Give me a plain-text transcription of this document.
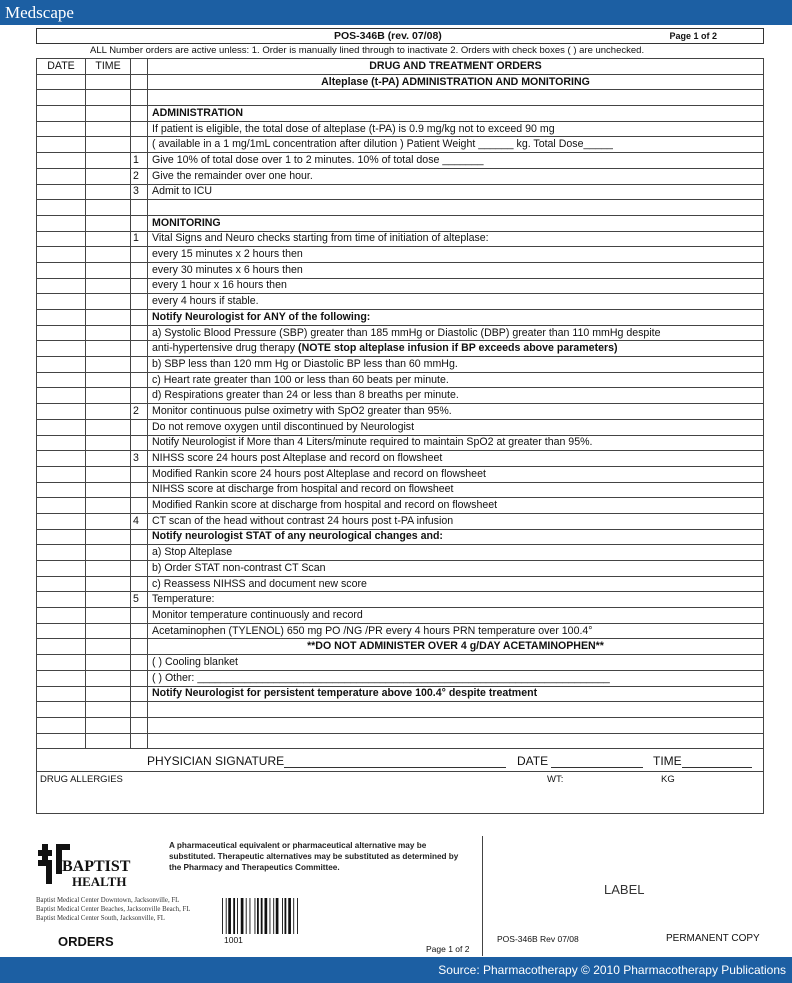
Medscape
POS-346B (rev. 07/08)	Page 1 of 2
ALL Number orders are active unless: 1. Order is manually lined through to inactivate 2. Orders with check boxes ( ) are unchecked.
DATE	TIME		DRUG AND TREATMENT ORDERS
			Alteplase (t-PA) ADMINISTRATION AND MONITORING

			ADMINISTRATION
			If patient is eligible, the total dose of alteplase (t-PA) is 0.9 mg/kg not to exceed 90 mg
			( available in a 1 mg/1mL concentration after dilution ) Patient Weight ______ kg. Total Dose_____
		1	Give 10% of total dose over 1 to 2 minutes. 10% of total dose _______
		2	Give the remainder over one hour.
		3	Admit to ICU

			MONITORING
		1	Vital Signs and Neuro checks starting from time of initiation of alteplase:
			every 15 minutes x 2 hours then
			every 30 minutes x 6 hours then
			every 1 hour x 16 hours then
			every 4 hours if stable.
			Notify Neurologist for ANY of the following:
			a) Systolic Blood Pressure (SBP) greater than 185 mmHg or Diastolic (DBP) greater than 110 mmHg despite
			anti-hypertensive drug therapy (NOTE stop alteplase infusion if BP exceeds above parameters)
			b) SBP less than 120 mm Hg or Diastolic BP less than 60 mmHg.
			c) Heart rate greater than 100 or less than 60 beats per minute.
			d) Respirations greater than 24 or less than 8 breaths per minute.
		2	Monitor continuous pulse oximetry with SpO2 greater than 95%.
			Do not remove oxygen until discontinued by Neurologist
			Notify Neurologist if More than 4 Liters/minute required to maintain SpO2 at greater than 95%.
		3	NIHSS score 24 hours post Alteplase and record on flowsheet
			Modified Rankin score 24 hours post Alteplase and record on flowsheet
			NIHSS score at discharge from hospital and record on flowsheet
			Modified Rankin score at discharge from hospital and record on flowsheet
		4	CT scan of the head without contrast 24 hours post t-PA infusion
			Notify neurologist STAT of any neurological changes and:
			a) Stop Alteplase
			b) Order STAT non-contrast CT Scan
			c) Reassess NIHSS and document new score
		5	Temperature:
			Monitor temperature continuously and record
			Acetaminophen (TYLENOL) 650 mg PO /NG /PR every 4 hours PRN temperature over 100.4°
			**DO NOT ADMINISTER OVER 4 g/DAY ACETAMINOPHEN**
			( ) Cooling blanket
			( ) Other: ______________________________________________________________________
			Notify Neurologist for persistent temperature above 100.4° despite treatment

PHYSICIAN SIGNATURE	DATE	TIME
DRUG ALLERGIES	WT:	KG
BAPTIST
HEALTH
Baptist Medical Center Downtown, Jacksonville, FL
Baptist Medical Center Beaches, Jacksonville Beach, FL
Baptist Medical Center South, Jacksonville, FL
A pharmaceutical equivalent or pharmaceutical alternative may be substituted. Therapeutic alternatives may be substituted as determined by the Pharmacy and Therapeutics Committee.
1001
ORDERS	Page 1 of 2
LABEL
POS-346B Rev 07/08	PERMANENT COPY
Source: Pharmacotherapy © 2010 Pharmacotherapy Publications
